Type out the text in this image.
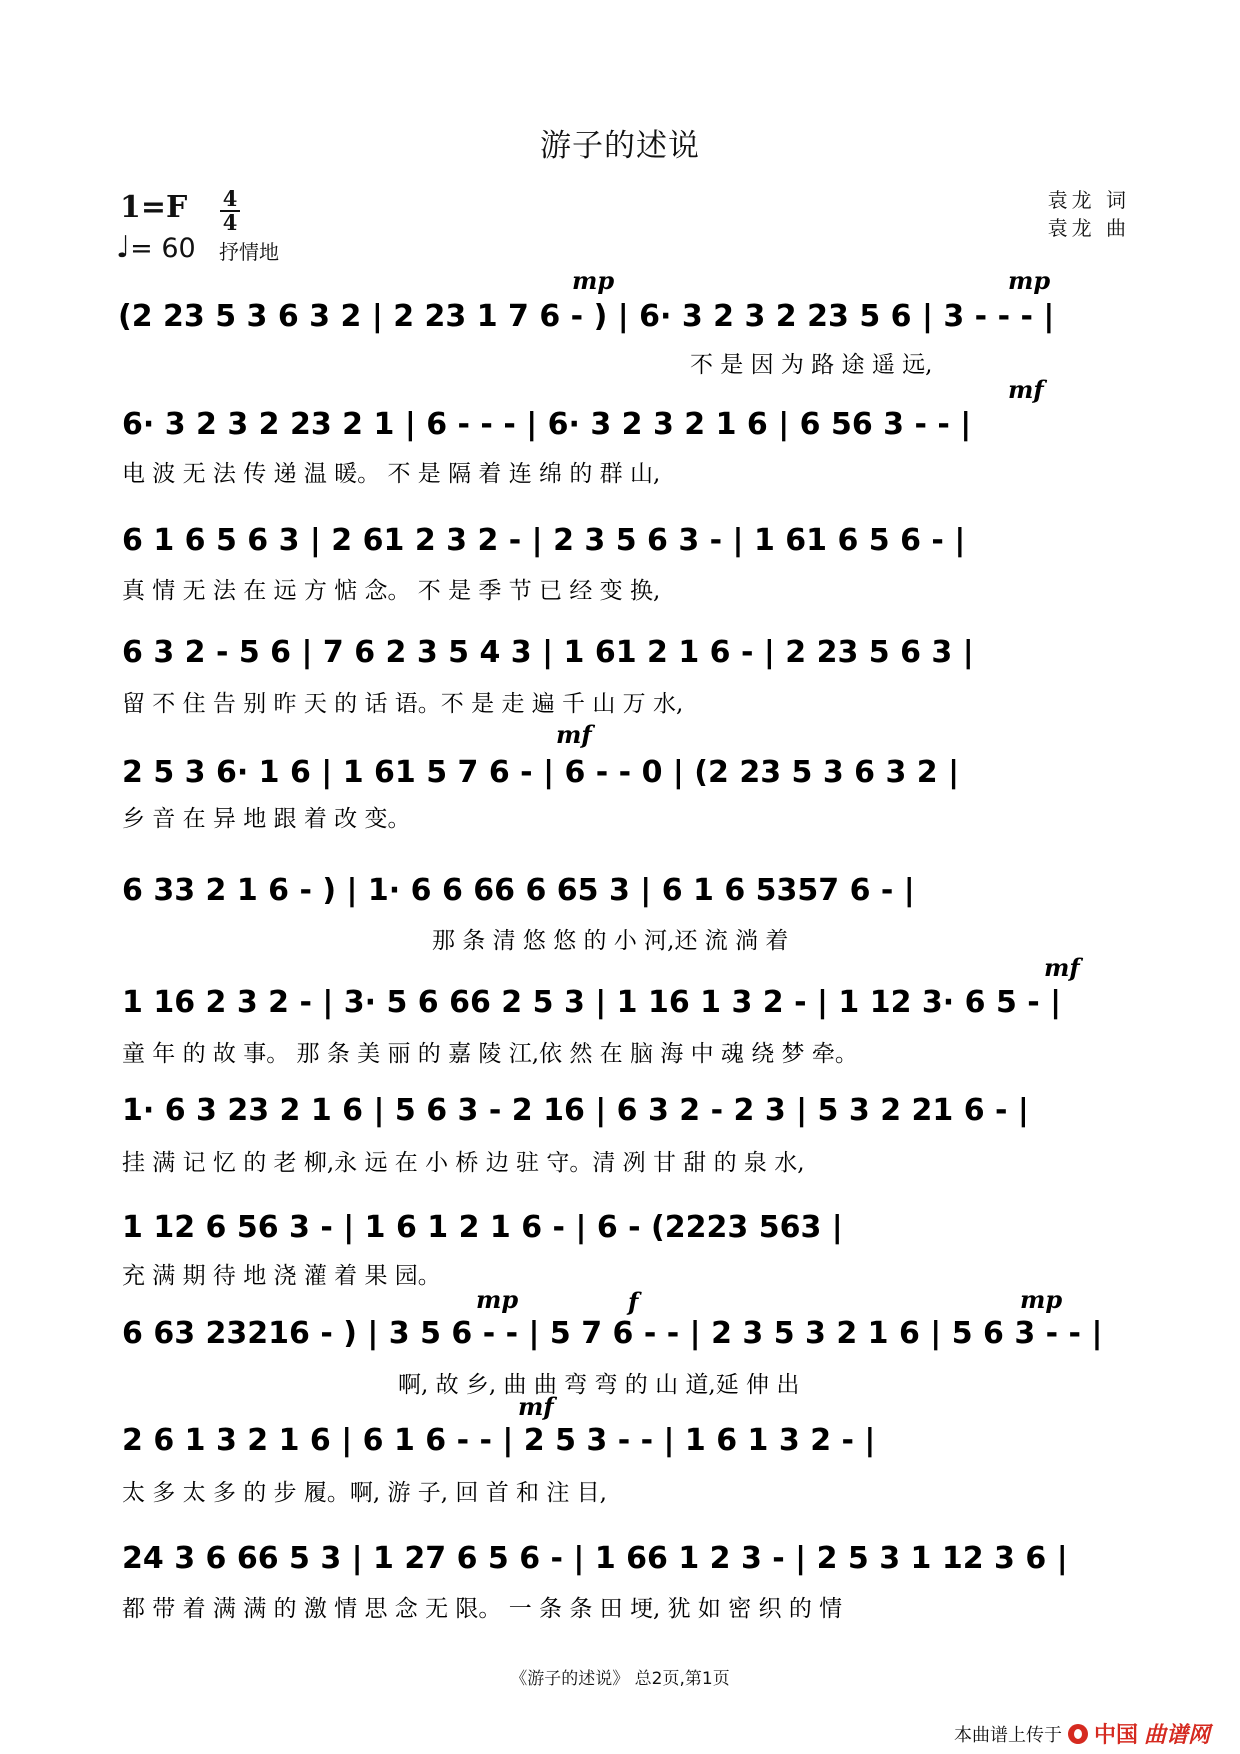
游子的述说
1=F 4
4
♩= 60 抒情地
袁龙 词
袁龙 曲
(2 23 5 3 6 3 2 | 2 23 1 7 6 - ) | 6· 3 2 3 2 23 5 6 | 3 - - - |
不 是 因 为 路 途 遥 远,
mp	mp
6· 3 2 3 2 23 2 1 | 6 - - - | 6· 3 2 3 2 1 6 | 6 56 3 - - |
电 波 无 法 传 递 温 暖。 不 是 隔 着 连 绵 的 群 山,
mf
6 1 6 5 6 3 | 2 61 2 3 2 - | 2 3 5 6 3 - | 1 61 6 5 6 - |
真 情 无 法 在 远 方 惦 念。 不 是 季 节 已 经 变 换,
6 3 2 - 5 6 | 7 6 2 3 5 4 3 | 1 61 2 1 6 - | 2 23 5 6 3 |
留 不 住 告 别 昨 天 的 话 语。不 是 走 遍 千 山 万 水,
2 5 3 6· 1 6 | 1 61 5 7 6 - | 6 - - 0 | (2 23 5 3 6 3 2 |
乡 音 在 异 地 跟 着 改 变。
mf
6 33 2 1 6 - ) | 1· 6 6 66 6 65 3 | 6 1 6 5357 6 - |
那 条 清 悠 悠 的 小 河,还 流 淌 着
1 16 2 3 2 - | 3· 5 6 66 2 5 3 | 1 16 1 3 2 - | 1 12 3· 6 5 - |
童 年 的 故 事。 那 条 美 丽 的 嘉 陵 江,依 然 在 脑 海 中 魂 绕 梦 牵。
mf
1· 6 3 23 2 1 6 | 5 6 3 - 2 16 | 6 3 2 - 2 3 | 5 3 2 21 6 - |
挂 满 记 忆 的 老 柳,永 远 在 小 桥 边 驻 守。清 冽 甘 甜 的 泉 水,
1 12 6 56 3 - | 1 6 1 2 1 6 - | 6 - (2223 563 |
充 满 期 待 地 浇 灌 着 果 园。
6 63 23216 - ) | 3 5 6 - - | 5 7 6 - - | 2 3 5 3 2 1 6 | 5 6 3 - - |
啊, 故 乡, 曲 曲 弯 弯 的 山 道,延 伸 出
mp	f	mp
2 6 1 3 2 1 6 | 6 1 6 - - | 2 5 3 - - | 1 6 1 3 2 - |
太 多 太 多 的 步 履。啊, 游 子, 回 首 和 注 目,
mf
24 3 6 66 5 3 | 1 27 6 5 6 - | 1 66 1 2 3 - | 2 5 3 1 12 3 6 |
都 带 着 满 满 的 激 情 思 念 无 限。 一 条 条 田 埂, 犹 如 密 织 的 情
《游子的述说》 总2页,第1页
本曲谱上传于 中国 曲谱网
